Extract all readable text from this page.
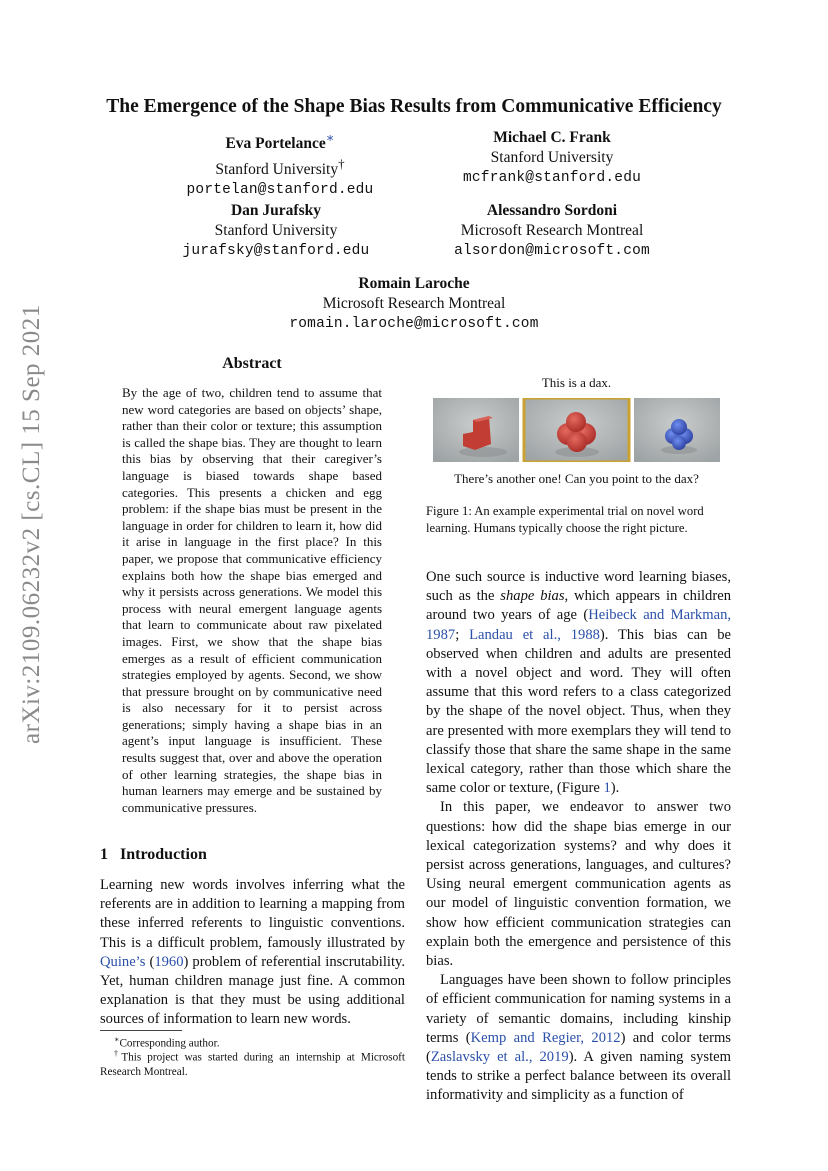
The Emergence of the Shape Bias Results from Communicative Efficiency
Eva Portelance∗
Stanford University†
portelan@stanford.edu
Michael C. Frank
Stanford University
mcfrank@stanford.edu
Dan Jurafsky
Stanford University
jurafsky@stanford.edu
Alessandro Sordoni
Microsoft Research Montreal
alsordon@microsoft.com
Romain Laroche
Microsoft Research Montreal
romain.laroche@microsoft.com
arXiv:2109.06232v2 [cs.CL] 15 Sep 2021	Abstract
By the age of two, children tend to assume that new word categories are based on objects’ shape, rather than their color or texture; this assumption is called the shape bias. They are thought to learn this bias by observing that their caregiver’s language is biased towards shape based categories. This presents a chicken and egg problem: if the shape bias must be present in the language in order for children to learn it, how did it arise in language in the first place? In this paper, we propose that communicative efficiency explains both how the shape bias emerged and why it persists across generations. We model this process with neural emergent language agents that learn to communicate about raw pixelated images. First, we show that the shape bias emerges as a result of efficient communication strategies employed by agents. Second, we show that pressure brought on by communicative need is also necessary for it to persist across generations; simply having a shape bias in an agent’s input language is insufficient. These results suggest that, over and above the operation of other learning strategies, the shape bias in human learners may emerge and be sustained by communicative pressures.
1 Introduction

Learning new words involves inferring what the referents are in addition to learning a mapping from these inferred referents to linguistic conventions. This is a difficult problem, famously illustrated by Quine’s (1960) problem of referential inscrutability. Yet, human children manage just fine. A common explanation is that they must be using additional sources of information to learn new words.

∗Corresponding author.
†This project was started during an internship at Microsoft Research Montreal.
This is a dax.
There’s another one! Can you point to the dax?
Figure 1: An example experimental trial on novel word learning. Humans typically choose the right picture.

One such source is inductive word learning biases, such as the shape bias, which appears in children around two years of age (Heibeck and Markman, 1987; Landau et al., 1988). This bias can be observed when children and adults are presented with a novel object and word. They will often assume that this word refers to a class categorized by the shape of the novel object. Thus, when they are presented with more exemplars they will tend to classify those that share the same shape in the same lexical category, rather than those which share the same color or texture, (Figure 1).

In this paper, we endeavor to answer two questions: how did the shape bias emerge in our lexical categorization systems? and why does it persist across generations, languages, and cultures? Using neural emergent communication agents as our model of linguistic convention formation, we show how efficient communication strategies can explain both the emergence and persistence of this bias.

Languages have been shown to follow principles of efficient communication for naming systems in a variety of semantic domains, including kinship terms (Kemp and Regier, 2012) and color terms (Zaslavsky et al., 2019). A given naming system tends to strike a perfect balance between its overall informativity and simplicity as a function of
